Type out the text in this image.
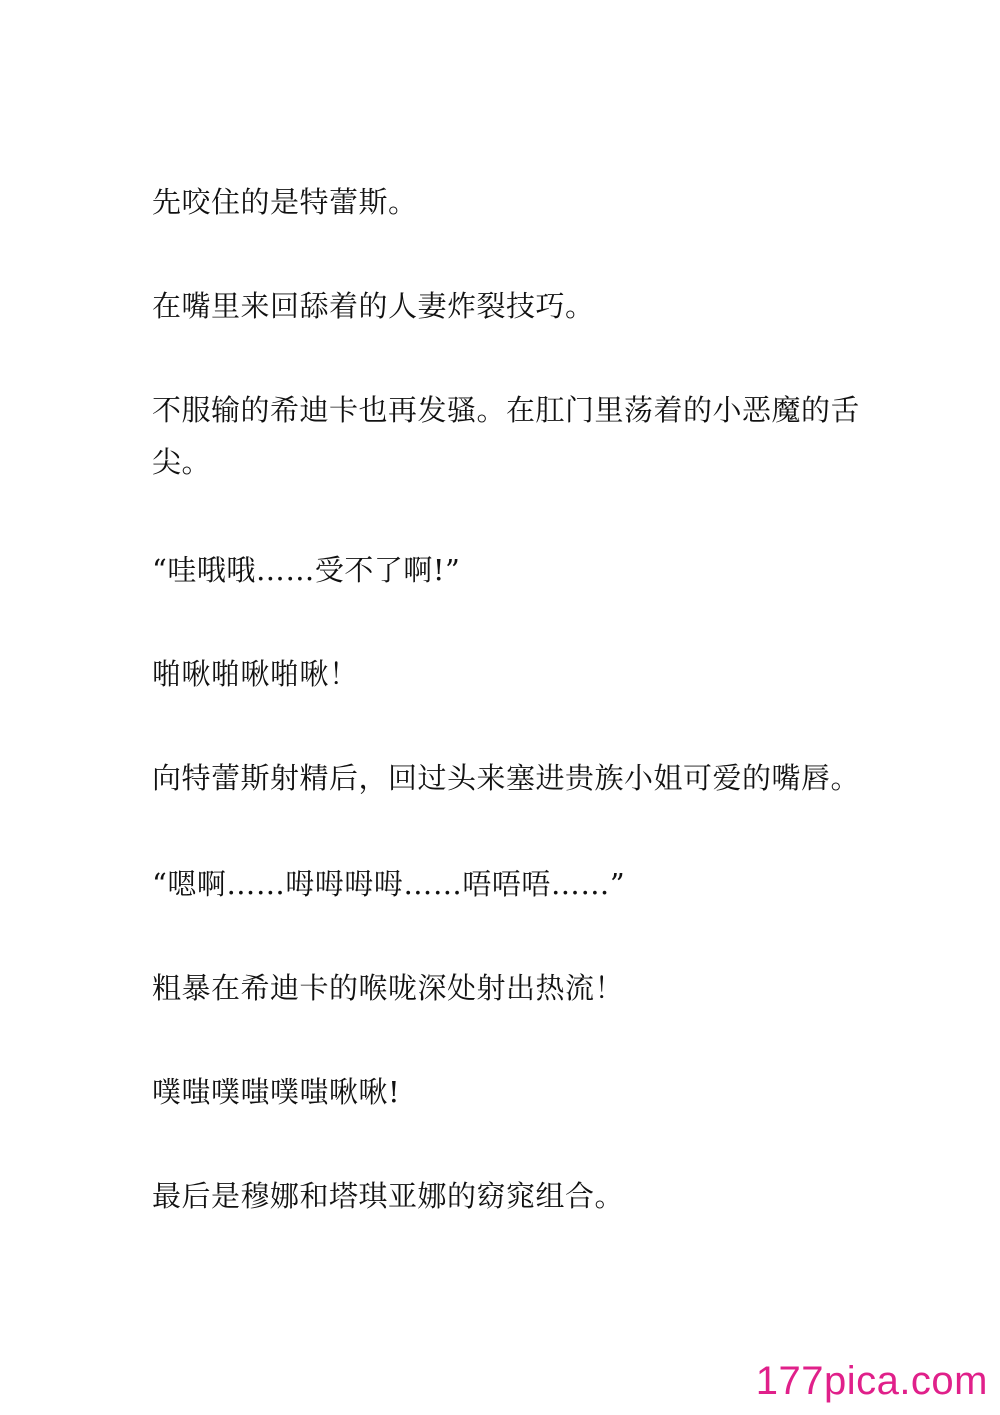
先咬住的是特蕾斯。

在嘴里来回舔着的人妻炸裂技巧。

不服输的希迪卡也再发骚。在肛门里荡着的小恶魔的舌尖。

“哇哦哦……受不了啊!”

啪啾啪啾啪啾！

向特蕾斯射精后，回过头来塞进贵族小姐可爱的嘴唇。

“嗯啊……呣呣呣呣……唔唔唔……”

粗暴在希迪卡的喉咙深处射出热流！

噗嗤噗嗤噗嗤啾啾!

最后是穆娜和塔琪亚娜的窈窕组合。

177pica.com
